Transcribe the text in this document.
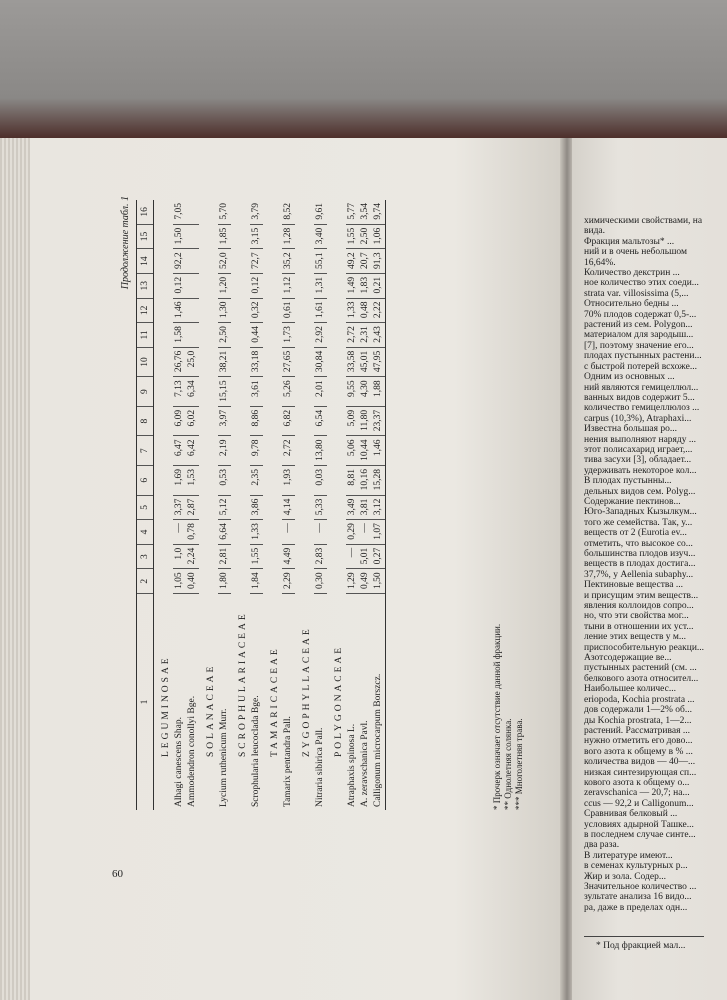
Продолжение табл. 1
1	2	3	4	5	6	7	8	9	10	11	12	13	14	15	16
LEGUMINOSAE															
Alhagi canescens Shap.	1,05	1,0	—	3,37	1,69	6,47	6,09	7,13	26,76	1,58	1,46	0,12	92,2	1,50	7,05
Ammodendron conollyi Bge.	0,40	2,24	0,78	2,87	1,53	6,42	6,02	6,34	25,0						
SOLANACEAE															
Lycium ruthenicum Murr.	1,80	2,81	6,64	5,12	0,53	2,19	3,97	15,15	38,21	2,50	1,30	1,20	52,0	1,85	5,70
SCROPHULARIACEAE															
Scrophularia leucoclada Bge.	1,84	1,55	1,33	3,86	2,35	9,78	8,86	3,61	33,18	0,44	0,32	0,12	72,7	3,15	3,79
TAMARICACEAE															
Tamarix pentandra Pall.	2,29	4,49	—	4,14	1,93	2,72	6,82	5,26	27,65	1,73	0,61	1,12	35,2	1,28	8,52
ZYGOPHYLLACEAE															
Nitraria sibirica Pall.	0,30	2,83	—	5,33	0,03	13,80	6,54	2,01	30,84	2,92	1,61	1,31	55,1	3,40	9,61
POLYGONACEAE															
Atraphaxis spinosa L.	1,29	—	0,29	3,49	8,81	5,06	5,09	9,55	33,58	2,72	1,33	1,49	49,2	1,55	5,77
A. zeravschanica Pavl.	0,49	5,01	—	3,81	10,16	10,44	11,80	4,30	45,01	2,31	0,48	1,83	20,7	2,50	3,54
Calligonum microcarpum Borszcz.	1,50	0,27	1,07	3,12	15,28	1,46	23,37	1,88	47,95	2,43	2,22	0,21	91,3	1,06	9,74
* Прочерк означает отсутствие данной фракции. ** Однолетняя солянка. *** Многолетняя трава.
60
химическими свойствами, на
вида.
Фракция мальтозы* ...
ний и в очень небольшом
16,64%.
Количество декстрин ...
ное количество этих соеди...
strata var. villosissima (5,...
Относительно бедны ...
70% плодов содержат 0,5-...
растений из сем. Polygon...
материалом для зародыш...
[7], поэтому значение его...
плодах пустынных растени...
с быстрой потерей всхоже...
Одним из основных ...
ний являются гемицеллюл...
ванных видов содержит 5...
количество гемицеллюлоз ...
carpus (10,3%), Atraphaxi...
Известна большая ро...
нения выполняют наряду ...
этот полисахарид играет,...
тива засухи [3], обладает...
удерживать некоторое кол...
В плодах пустынны...
дельных видов сем. Polyg...
Содержание пектинов...
Юго-Западных Кызылкум...
того же семейства. Так, у...
веществ от 2 (Eurotia ev...
отметить, что высокое со...
большинства плодов изуч...
веществ в плодах достига...
37,7%, у Aellenia subaphy...
Пектиновые вещества ...
и присущим этим веществ...
явления коллоидов сопро...
но, что эти свойства мог...
тыни в отношении их уст...
ление этих веществ у м...
приспособительную реакци...
Азотсодержащие ве...
пустынных растений (см. ...
белкового азота относител...
Наибольшее количес...
eriopoda, Kochia prostrata ...
дов содержали 1—2% об...
ды Kochia prostrata, 1—2...
растений. Рассматривая ...
нужно отметить его дово...
вого азота к общему в % ...
количества видов — 40—...
низкая синтезирующая сп...
кового азота к общему о...
zeravschanica — 20,7; на...
ccus — 92,2 и Calligonum...
Сравнивая белковый ...
условиях адырной Ташке...
в последнем случае синте...
два раза.
В литературе имеют...
в семенах культурных р...
Жир и зола. Содер...
Значительное количество ...
зультате анализа 16 видо...
ра, даже в пределах одн...
* Под фракцией мал...
